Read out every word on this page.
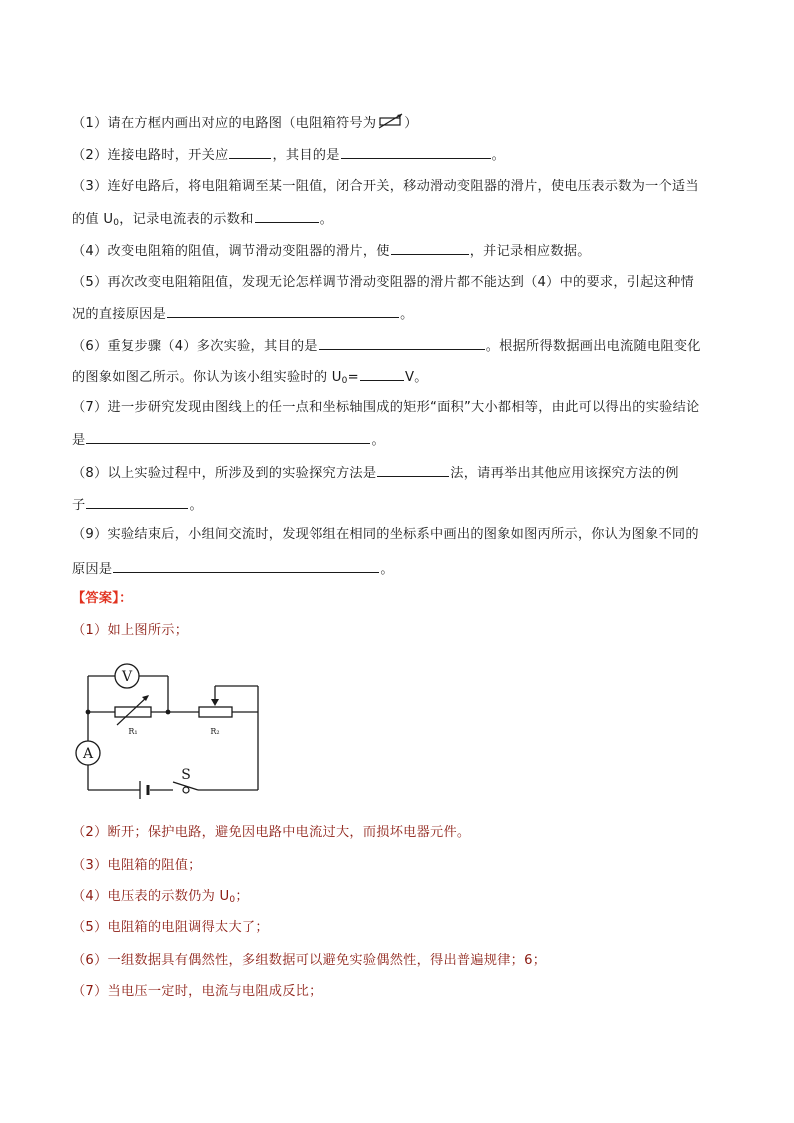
（1）请在方框内画出对应的电路图（电阻箱符号为 ）
（2）连接电路时，开关应	，其目的是	。
（3）连好电路后，将电阻箱调至某一阻值，闭合开关，移动滑动变阻器的滑片，使电压表示数为一个适当
的值 $U_0$，记录电流表的示数和	。
（4）改变电阻箱的阻值，调节滑动变阻器的滑片，使	，并记录相应数据。
（5）再次改变电阻箱阻值，发现无论怎样调节滑动变阻器的滑片都不能达到（4）中的要求，引起这种情
况的直接原因是	。
（6）重复步骤（4）多次实验，其目的是	。根据所得数据画出电流随电阻变化
的图象如图乙所示。你认为该小组实验时的 $U_0=$	V。
（7）进一步研究发现由图线上的任一点和坐标轴围成的矩形“面积”大小都相等，由此可以得出的实验结论
是	。
（8）以上实验过程中，所涉及到的实验探究方法是	法，请再举出其他应用该探究方法的例
子	。
（9）实验结束后，小组间交流时，发现邻组在相同的坐标系中画出的图象如图丙所示，你认为图象不同的
原因是	。
【答案】：
（1）如上图所示；
V
R₁	R₂
A
S
（2）断开；保护电路，避免因电路中电流过大，而损坏电器元件。
（3）电阻箱的阻值；
（4）电压表的示数仍为 $U_0$；
（5）电阻箱的电阻调得太大了；
（6）一组数据具有偶然性，多组数据可以避免实验偶然性，得出普遍规律；6；
（7）当电压一定时，电流与电阻成反比；
